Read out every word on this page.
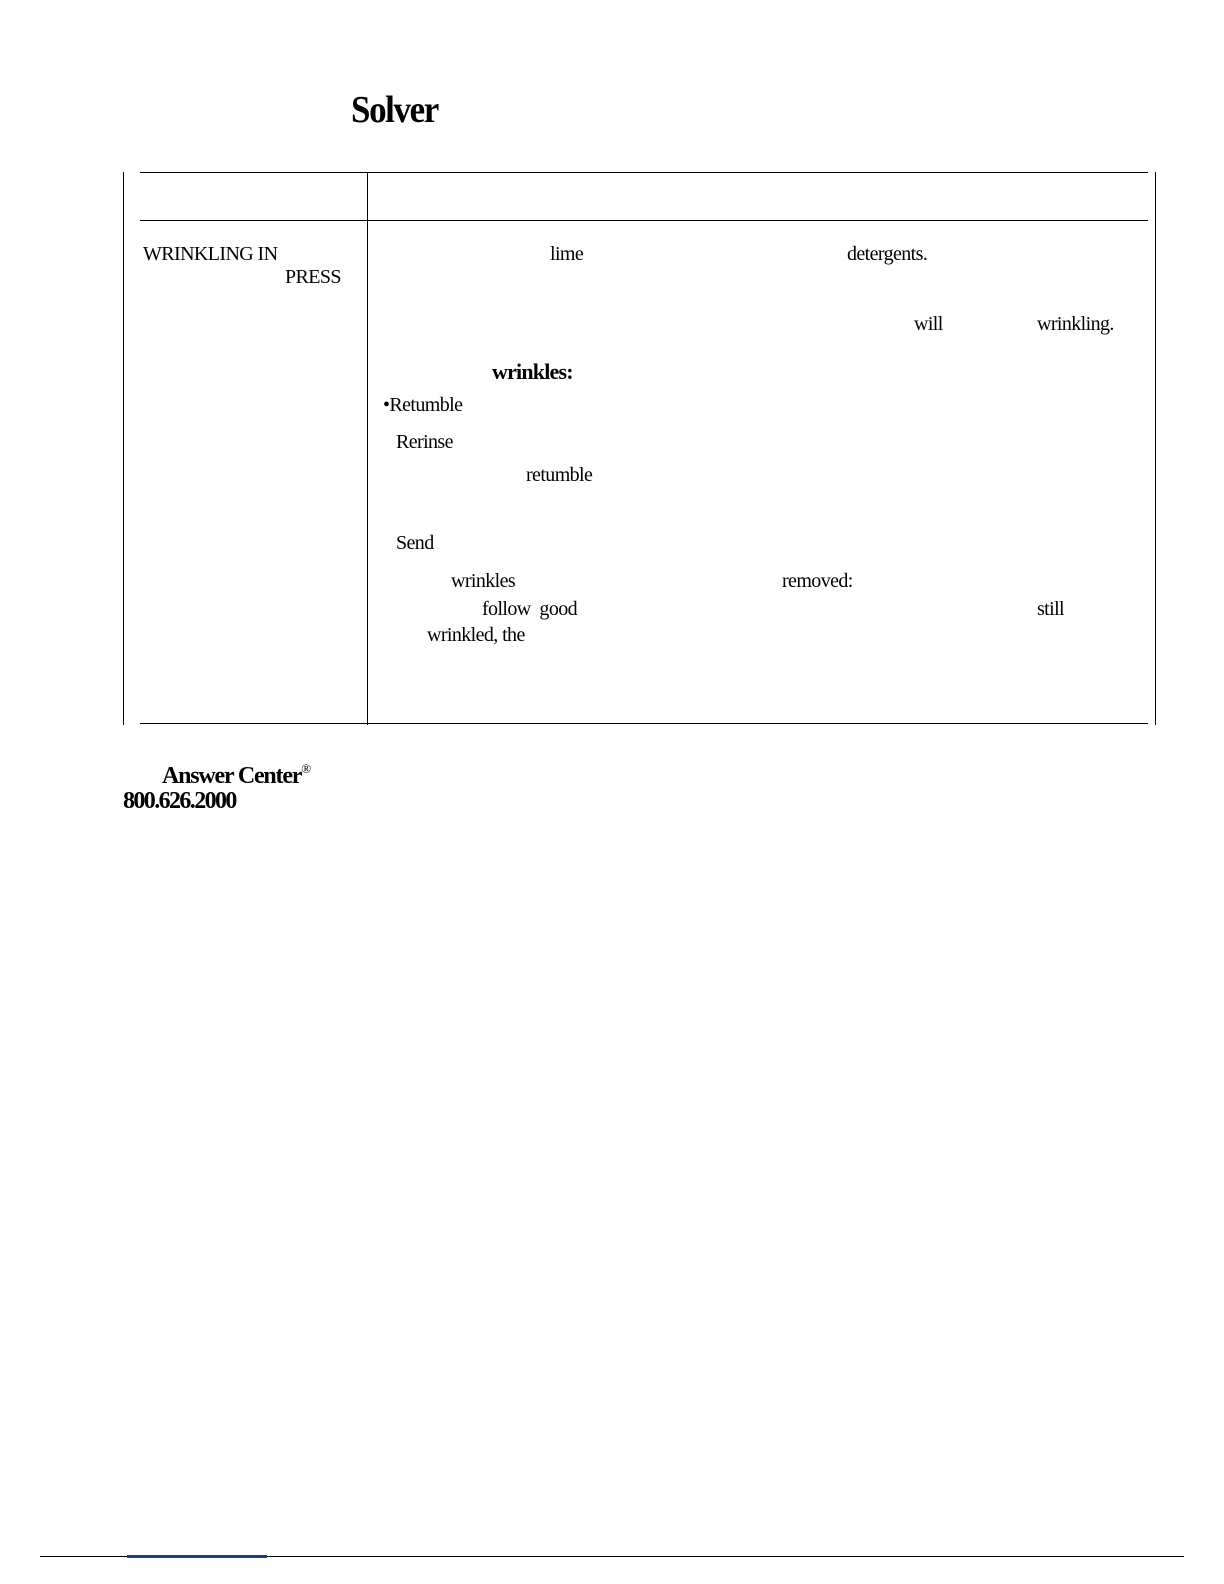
Solver
WRINKLING IN
PRESS
lime	detergents.
will	wrinkling.
wrinkles:
•Retumble
Rerinse
retumble
Send
wrinkles	removed:
follow  good	still
wrinkled, the
Answer Center®
800.626.2000
